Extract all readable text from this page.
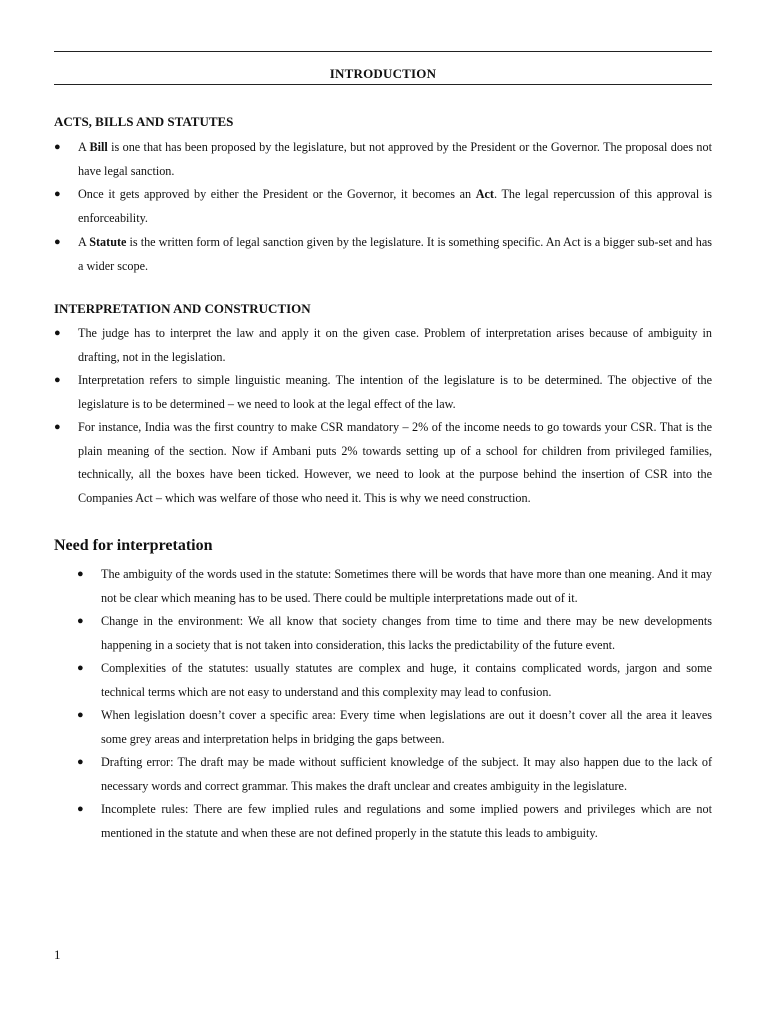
INTRODUCTION
ACTS, BILLS AND STATUTES
● A Bill is one that has been proposed by the legislature, but not approved by the President or the Governor. The proposal does not have legal sanction.
● Once it gets approved by either the President or the Governor, it becomes an Act. The legal repercussion of this approval is enforceability.
● A Statute is the written form of legal sanction given by the legislature. It is something specific. An Act is a bigger sub-set and has a wider scope.
INTERPRETATION AND CONSTRUCTION
● The judge has to interpret the law and apply it on the given case. Problem of interpretation arises because of ambiguity in drafting, not in the legislation.
● Interpretation refers to simple linguistic meaning. The intention of the legislature is to be determined. The objective of the legislature is to be determined – we need to look at the legal effect of the law.
● For instance, India was the first country to make CSR mandatory – 2% of the income needs to go towards your CSR. That is the plain meaning of the section. Now if Ambani puts 2% towards setting up of a school for children from privileged families, technically, all the boxes have been ticked. However, we need to look at the purpose behind the insertion of CSR into the Companies Act – which was welfare of those who need it. This is why we need construction.
Need for interpretation
● The ambiguity of the words used in the statute: Sometimes there will be words that have more than one meaning. And it may not be clear which meaning has to be used. There could be multiple interpretations made out of it.
● Change in the environment: We all know that society changes from time to time and there may be new developments happening in a society that is not taken into consideration, this lacks the predictability of the future event.
● Complexities of the statutes: usually statutes are complex and huge, it contains complicated words, jargon and some technical terms which are not easy to understand and this complexity may lead to confusion.
● When legislation doesn’t cover a specific area: Every time when legislations are out it doesn’t cover all the area it leaves some grey areas and interpretation helps in bridging the gaps between.
● Drafting error: The draft may be made without sufficient knowledge of the subject. It may also happen due to the lack of necessary words and correct grammar. This makes the draft unclear and creates ambiguity in the legislature.
● Incomplete rules: There are few implied rules and regulations and some implied powers and privileges which are not mentioned in the statute and when these are not defined properly in the statute this leads to ambiguity.
1
